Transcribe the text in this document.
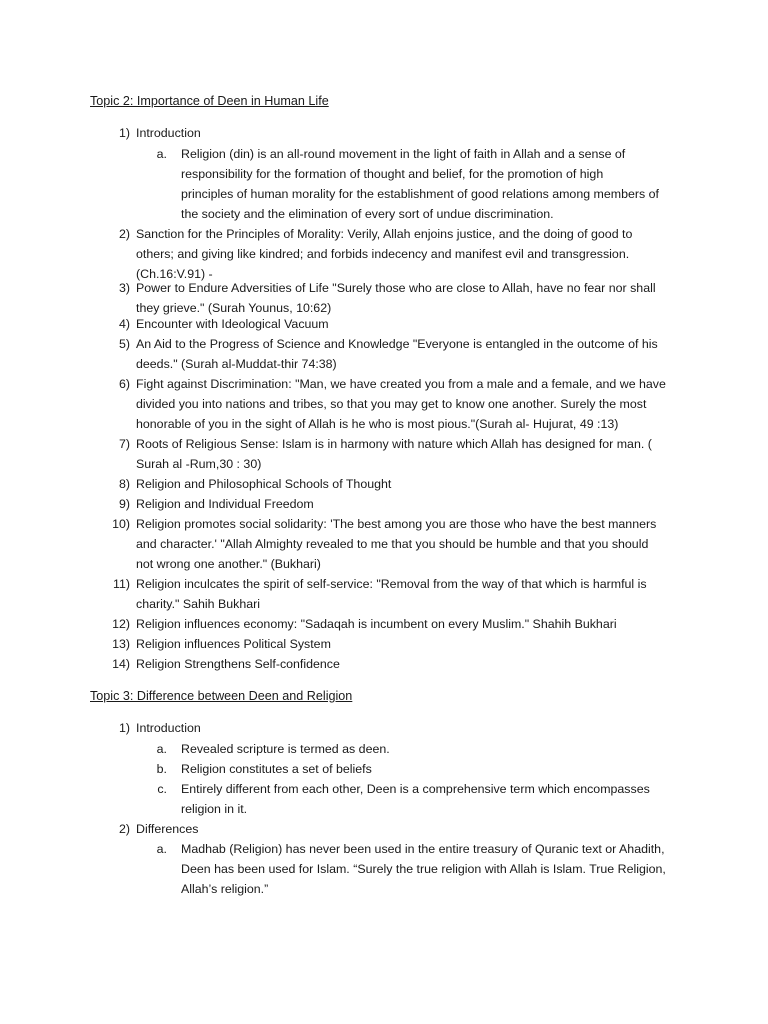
Topic 2: Importance of Deen in Human Life
1) Introduction
a. Religion (din) is an all-round movement in the light of faith in Allah and a sense of
responsibility for the formation of thought and belief, for the promotion of high
principles of human morality for the establishment of good relations among members of
the society and the elimination of every sort of undue discrimination.
2) Sanction for the Principles of Morality: Verily, Allah enjoins justice, and the doing of good to
others; and giving like kindred; and forbids indecency and manifest evil and transgression.
(Ch.16:V.91) -
3) Power to Endure Adversities of Life "Surely those who are close to Allah, have no fear nor shall
they grieve." (Surah Younus, 10:62)
4) Encounter with Ideological Vacuum
5) An Aid to the Progress of Science and Knowledge "Everyone is entangled in the outcome of his
deeds." (Surah al-Muddat-thir 74:38)
6) Fight against Discrimination: "Man, we have created you from a male and a female, and we have
divided you into nations and tribes, so that you may get to know one another. Surely the most
honorable of you in the sight of Allah is he who is most pious."(Surah al- Hujurat, 49 :13)
7) Roots of Religious Sense: Islam is in harmony with nature which Allah has designed for man. (
Surah al -Rum,30 : 30)
8) Religion and Philosophical Schools of Thought
9) Religion and Individual Freedom
10) Religion promotes social solidarity: 'The best among you are those who have the best manners
and character.' "Allah Almighty revealed to me that you should be humble and that you should
not wrong one another." (Bukhari)
11) Religion inculcates the spirit of self-service: "Removal from the way of that which is harmful is
charity." Sahih Bukhari
12) Religion influences economy: "Sadaqah is incumbent on every Muslim." Shahih Bukhari
13) Religion influences Political System
14) Religion Strengthens Self-confidence
Topic 3: Difference between Deen and Religion
1) Introduction
a. Revealed scripture is termed as deen.
b. Religion constitutes a set of beliefs
c. Entirely different from each other, Deen is a comprehensive term which encompasses
religion in it.
2) Differences
a. Madhab (Religion) has never been used in the entire treasury of Quranic text or Ahadith,
Deen has been used for Islam. “Surely the true religion with Allah is Islam. True Religion,
Allah’s religion.”
